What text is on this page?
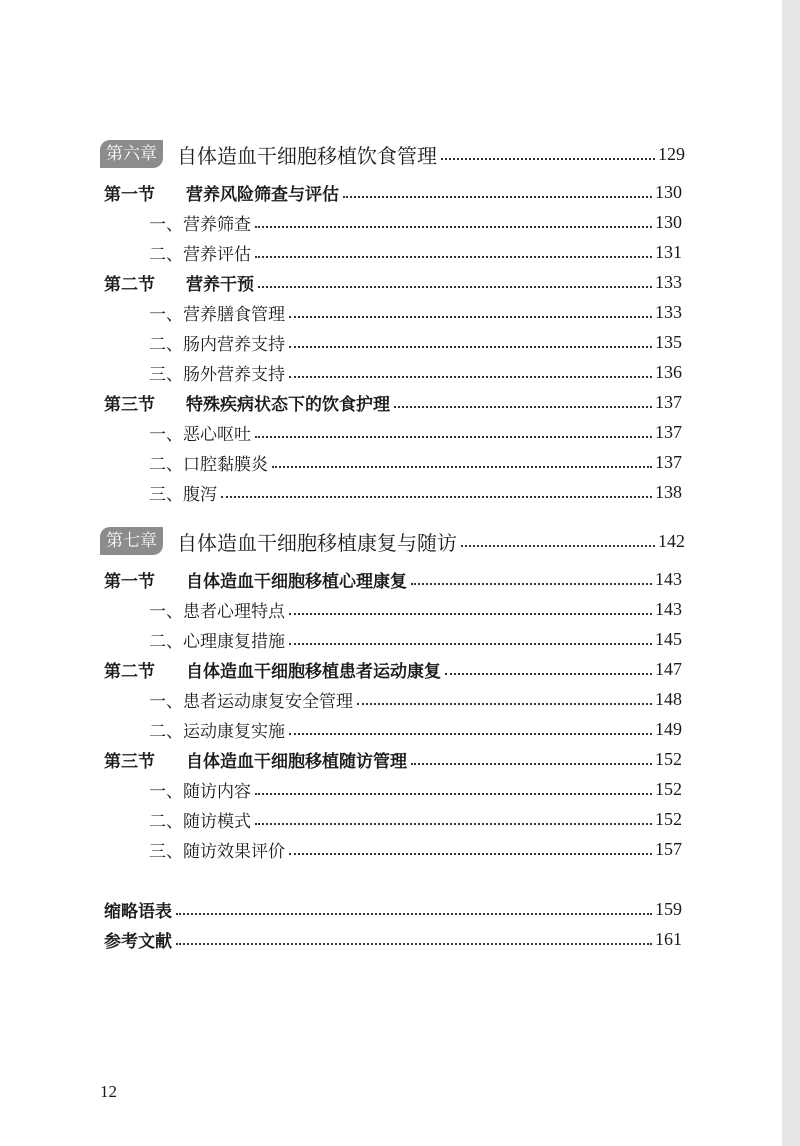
第六章	自体造血干细胞移植饮食管理	129
第一节	营养风险筛查与评估	130
一、营养筛查	130
二、营养评估	131
第二节	营养干预	133
一、营养膳食管理	133
二、肠内营养支持	135
三、肠外营养支持	136
第三节	特殊疾病状态下的饮食护理	137
一、恶心呕吐	137
二、口腔黏膜炎	137
三、腹泻	138
第七章	自体造血干细胞移植康复与随访	142
第一节	自体造血干细胞移植心理康复	143
一、患者心理特点	143
二、心理康复措施	145
第二节	自体造血干细胞移植患者运动康复	147
一、患者运动康复安全管理	148
二、运动康复实施	149
第三节	自体造血干细胞移植随访管理	152
一、随访内容	152
二、随访模式	152
三、随访效果评价	157
缩略语表	159
参考文献	161
12
